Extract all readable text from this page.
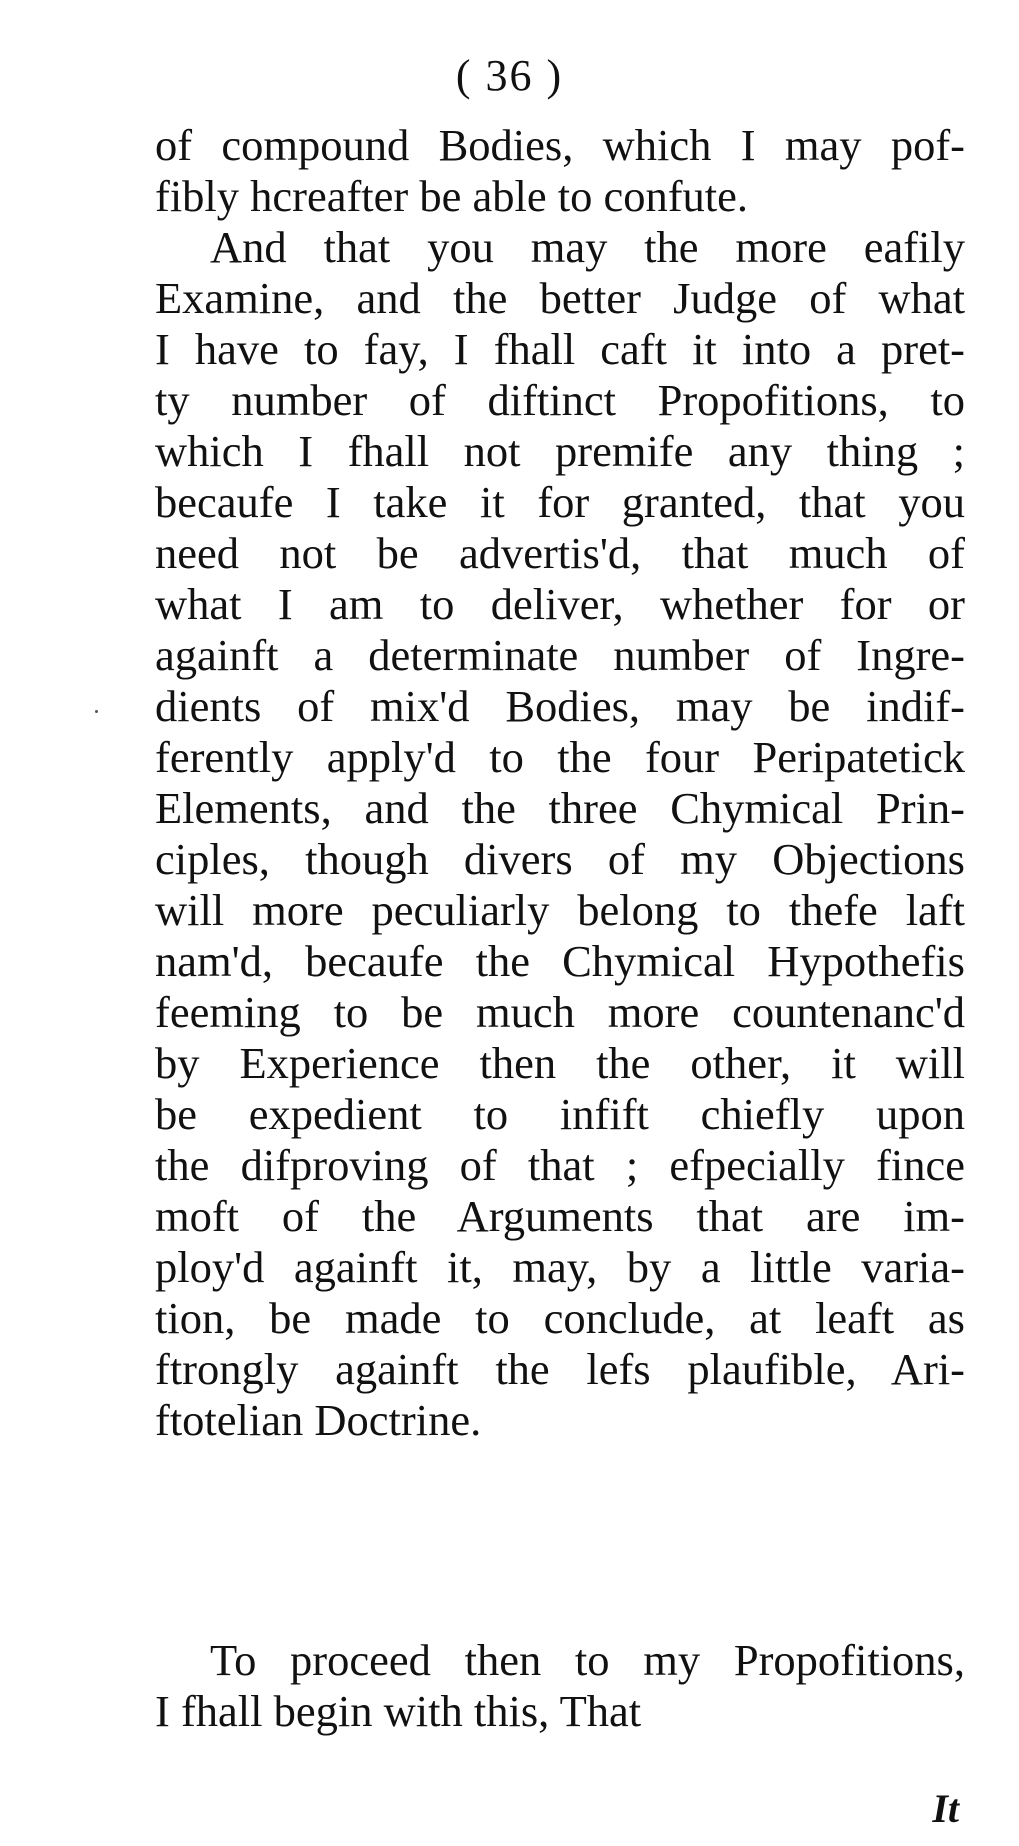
( 36 )
of compound Bodies, which I may pof-
fibly hcreafter be able to confute.
And that you may the more eafily
Examine, and the better Judge of what
I have to fay, I fhall caft it into a pret-
ty number of diftinct Propofitions, to
which I fhall not premife any thing ;
becaufe I take it for granted, that you
need not be advertis'd, that much of
what I am to deliver, whether for or
againft a determinate number of Ingre-
dients of mix'd Bodies, may be indif-
ferently apply'd to the four Peripatetick
Elements, and the three Chymical Prin-
ciples, though divers of my Objections
will more peculiarly belong to thefe laft
nam'd, becaufe the Chymical Hypothefis
feeming to be much more countenanc'd
by Experience then the other, it will
be expedient to infift chiefly upon
the difproving of that ; efpecially fince
moft of the Arguments that are im-
ploy'd againft it, may, by a little varia-
tion, be made to conclude, at leaft as
ftrongly againft the lefs plaufible, Ari-
ftotelian Doctrine.
To proceed then to my Propofitions,
I fhall begin with this, That
It
